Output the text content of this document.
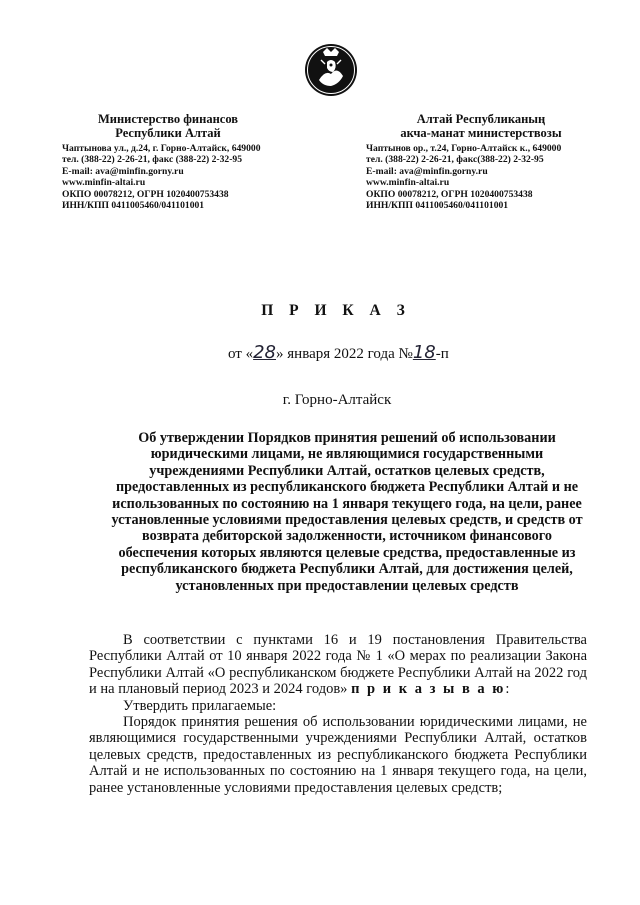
Министерство финансов
Республики Алтай
Чаптынова ул., д.24, г. Горно-Алтайск, 649000
тел. (388-22) 2-26-21, факс (388-22) 2-32-95
E-mail: ava@minfin.gorny.ru
www.minfin-altai.ru
ОКПО 00078212, ОГРН 1020400753438
ИНН/КПП 0411005460/041101001
Алтай Республиканың
акча-манат министерствозы
Чаптынов ор., т.24, Горно-Алтайск к., 649000
тел. (388-22) 2-26-21, факс(388-22) 2-32-95
E-mail: ava@minfin.gorny.ru
www.minfin-altai.ru
ОКПО 00078212, ОГРН 1020400753438
ИНН/КПП 0411005460/041101001
П Р И К А З
от «28» января 2022 года №18-п
г. Горно-Алтайск
Об утверждении Порядков принятия решений об использовании
юридическими лицами, не являющимися государственными
учреждениями Республики Алтай, остатков целевых средств,
предоставленных из республиканского бюджета Республики Алтай и не
использованных по состоянию на 1 января текущего года, на цели, ранее
установленные условиями предоставления целевых средств, и средств от
возврата дебиторской задолженности, источником финансового
обеспечения которых являются целевые средства, предоставленные из
республиканского бюджета Республики Алтай, для достижения целей,
установленных при предоставлении целевых средств

В соответствии с пунктами 16 и 19 постановления Правительства Республики Алтай от 10 января 2022 года № 1 «О мерах по реализации Закона Республики Алтай «О республиканском бюджете Республики Алтай на 2022 год и на плановый период 2023 и 2024 годов» п р и к а з ы в а ю:

Утвердить прилагаемые:

Порядок принятия решения об использовании юридическими лицами, не являющимися государственными учреждениями Республики Алтай, остатков целевых средств, предоставленных из республиканского бюджета Республики Алтай и не использованных по состоянию на 1 января текущего года, на цели, ранее установленные условиями предоставления целевых средств;
